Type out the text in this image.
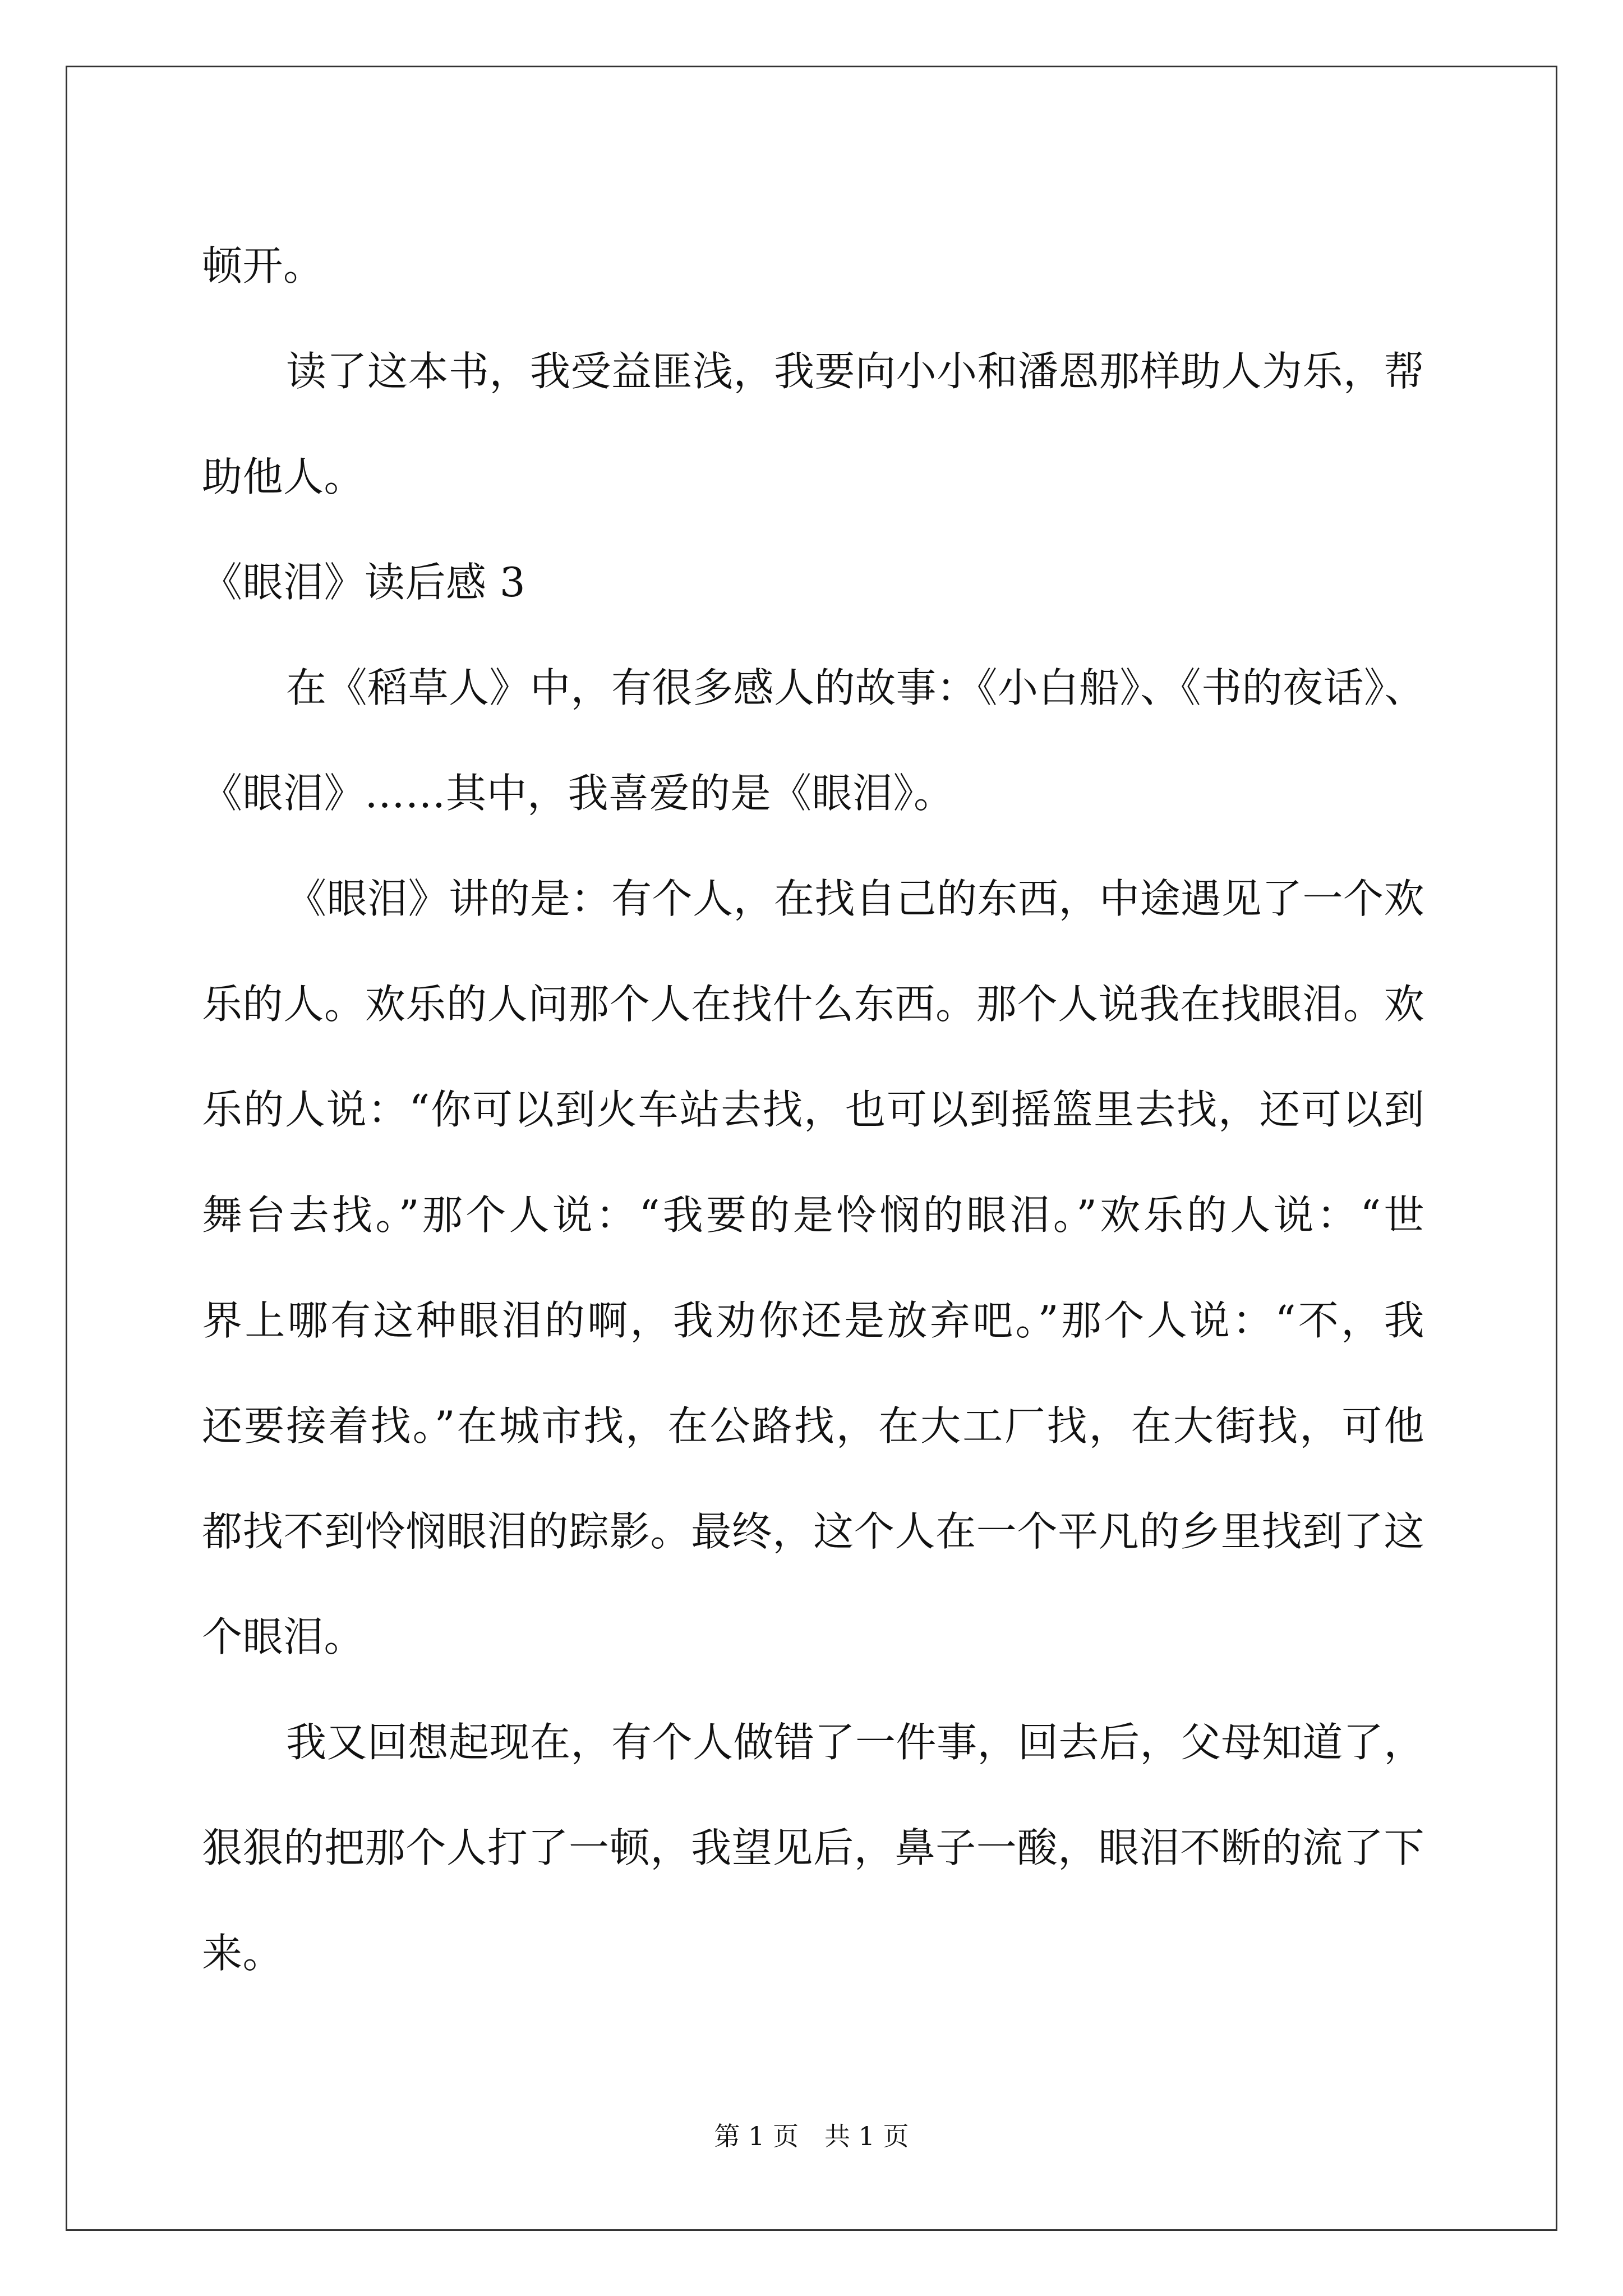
顿开。
读了这本书，我受益匪浅，我要向小小和潘恩那样助人为乐，帮
助他人。
《眼泪》读后感 3
在《稻草人》中，有很多感人的故事：《小白船》、《书的夜话》、
《眼泪》……其中，我喜爱的是《眼泪》。
《眼泪》讲的是：有个人，在找自己的东西，中途遇见了一个欢
乐的人。欢乐的人问那个人在找什么东西。那个人说我在找眼泪。欢
乐的人说：“你可以到火车站去找，也可以到摇篮里去找，还可以到
舞台去找。”那个人说：“我要的是怜悯的眼泪。”欢乐的人说：“世
界上哪有这种眼泪的啊，我劝你还是放弃吧。”那个人说：“不，我
还要接着找。”在城市找，在公路找，在大工厂找，在大街找，可他
都找不到怜悯眼泪的踪影。最终，这个人在一个平凡的乡里找到了这
个眼泪。
我又回想起现在，有个人做错了一件事，回去后，父母知道了，
狠狠的把那个人打了一顿，我望见后，鼻子一酸，眼泪不断的流了下
来。
第 1 页　共 1 页
